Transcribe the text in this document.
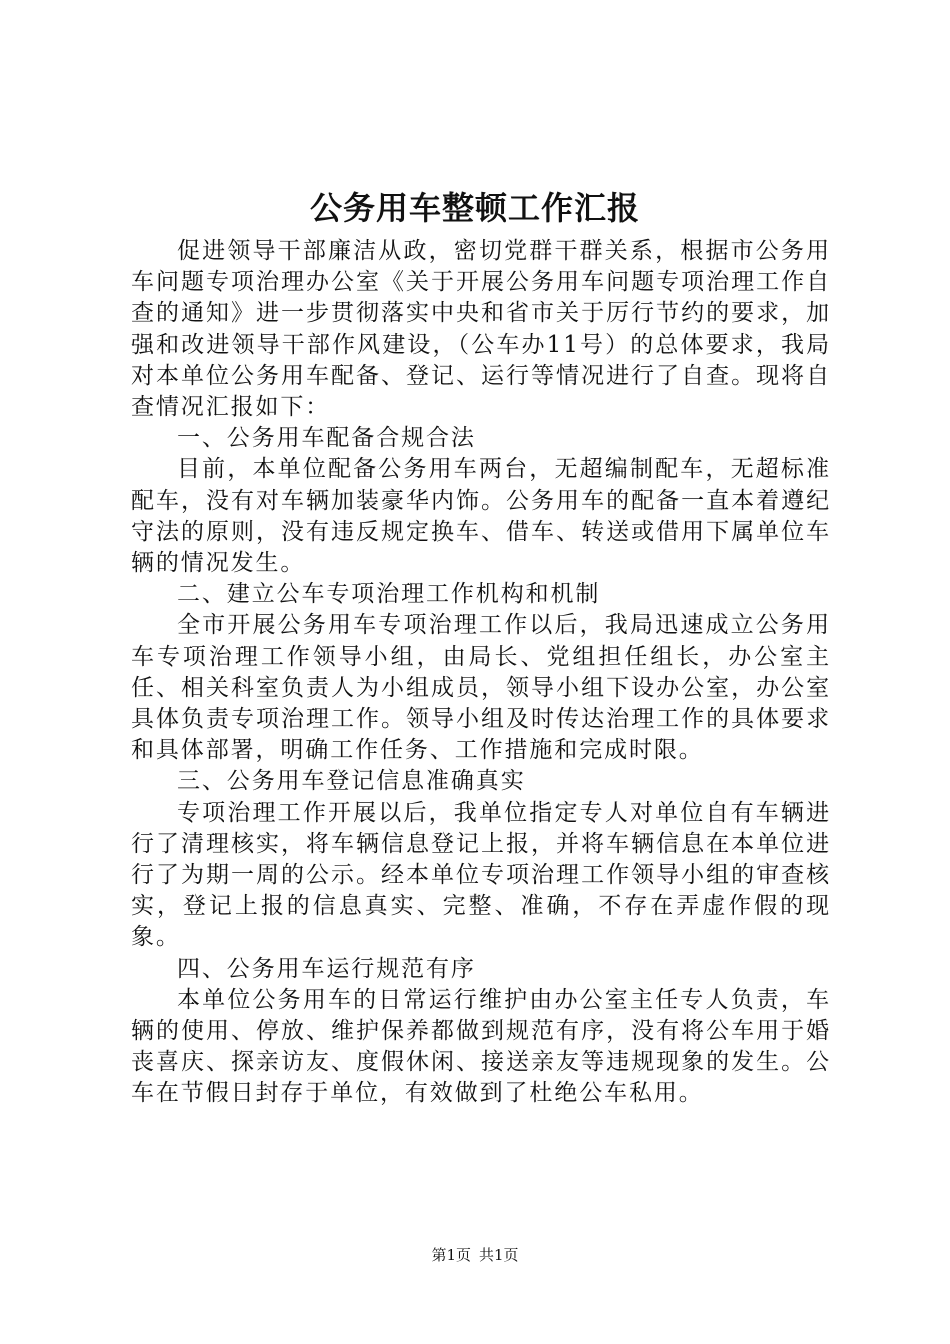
公务用车整顿工作汇报

促进领导干部廉洁从政，密切党群干群关系，根据市公务用车问题专项治理办公室《关于开展公务用车问题专项治理工作自查的通知》进一步贯彻落实中央和省市关于厉行节约的要求，加强和改进领导干部作风建设，（公车办11号）的总体要求，我局对本单位公务用车配备、登记、运行等情况进行了自查。现将自查情况汇报如下：

一、公务用车配备合规合法

目前，本单位配备公务用车两台，无超编制配车，无超标准配车，没有对车辆加装豪华内饰。公务用车的配备一直本着遵纪守法的原则，没有违反规定换车、借车、转送或借用下属单位车辆的情况发生。

二、建立公车专项治理工作机构和机制

全市开展公务用车专项治理工作以后，我局迅速成立公务用车专项治理工作领导小组，由局长、党组担任组长，办公室主任、相关科室负责人为小组成员，领导小组下设办公室，办公室具体负责专项治理工作。领导小组及时传达治理工作的具体要求和具体部署，明确工作任务、工作措施和完成时限。

三、公务用车登记信息准确真实

专项治理工作开展以后，我单位指定专人对单位自有车辆进行了清理核实，将车辆信息登记上报，并将车辆信息在本单位进行了为期一周的公示。经本单位专项治理工作领导小组的审查核实，登记上报的信息真实、完整、准确，不存在弄虚作假的现象。

四、公务用车运行规范有序

本单位公务用车的日常运行维护由办公室主任专人负责，车辆的使用、停放、维护保养都做到规范有序，没有将公车用于婚丧喜庆、探亲访友、度假休闲、接送亲友等违规现象的发生。公车在节假日封存于单位，有效做到了杜绝公车私用。

第1页 共1页
